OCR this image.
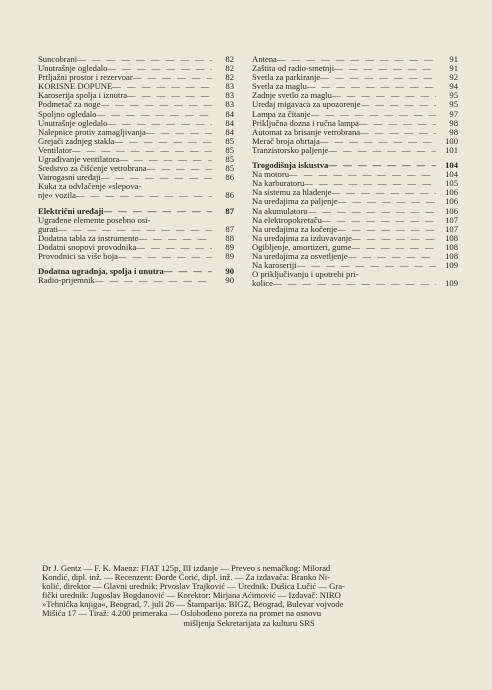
Suncobrani — — —	82
Unutrašnje ogledalo — — —	82
Prtljažni prostor i rezervoar — — —	82
KORISNE DOPUNE — — —	83
Karoserija spolja i iznutra — — —	83
Podmetač za noge — — —	83
Spoljno ogledalo — — —	84
Unutrašnje ogledalo — — —	84
Nalepnice protiv zamagljivanja — — —	84
Grejači zadnjeg stakla — — —	85
Ventilator — — —	85
Ugrađivanje ventilatora — — —	85
Sredstvo za čišćenje vetrobrana — — —	85
Vatrogasni uređaji — — —	86
Kuka za odvlačenje »slepova-
nje« vozila — — —	86
Električni uređaji — — —	87
Ugrađene elemente posebno osi-
gurati — — —	87
Dodatna tabla za instrumente — — —	88
Dodatni snopovi provodnika — — —	89
Provodnici sa više boja — — —	89
Dodatna ugradnja, spolja i unutra — — —	90
Radio-prijemnik — — —	90
Antena — — —	91
Zaštita od radio-smetnji — — —	91
Svetla za parkiranje — — —	92
Svetla za maglu — — —	94
Zadnje svetlo za maglu — — —	95
Uređaj migavaca za upozorenje — — —	95
Lampa za čitanje — — —	97
Priključna dozna i ručna lampa — — —	98
Automat za brisanje vetrobrana — — —	98
Merač broja obrtaja — — —	100
Tranzistorsko paljenje — — —	101
Trogodišnja iskustva — — —	104
Na motoru — — —	104
Na karburatoru — — —	105
Na sistemu za hlađenje — — —	106
Na uređajima za paljenje — — —	106
Na akumulatoru — — —	106
Na elektropokretaču — — —	107
Na uređajima za kočenje — — —	107
Na uređajima za izduvavanje — — —	108
Ogibljenje, amortizeri, gume — — —	108
Na uređajima za osvetljenje — — —	108
Na karoseriji — — —	109
O priključivanju i upotrebi pri-
kolice — — —	109
Dr J. Gentz — F. K. Maenz: FIAT 125p, III izdanje — Prevео s nemačkog: Milorad
Kondić, dipl. inž. — Recenzent: Đorđe Ćorić, dipl. inž. — Za izdavača: Branko Ni-
kolić, direktor — Glavni urednik: Prvoslav Trajković — Urednik: Dušica Lučić — Gra-
fički urednik: Jugoslav Bogdanović — Korektor: Mirjana Aćimović — Izdavač: NIRO
»Tehnička knjiga«, Beograd, 7. juli 26 — Štamparija: BIGZ, Beograd, Bulevar vojvode
Mišića 17 — Tiraž: 4.200 primeraka — Oslobođeno poreza na promet na osnovu
mišljenja Sekretarijata za kulturu SRS
